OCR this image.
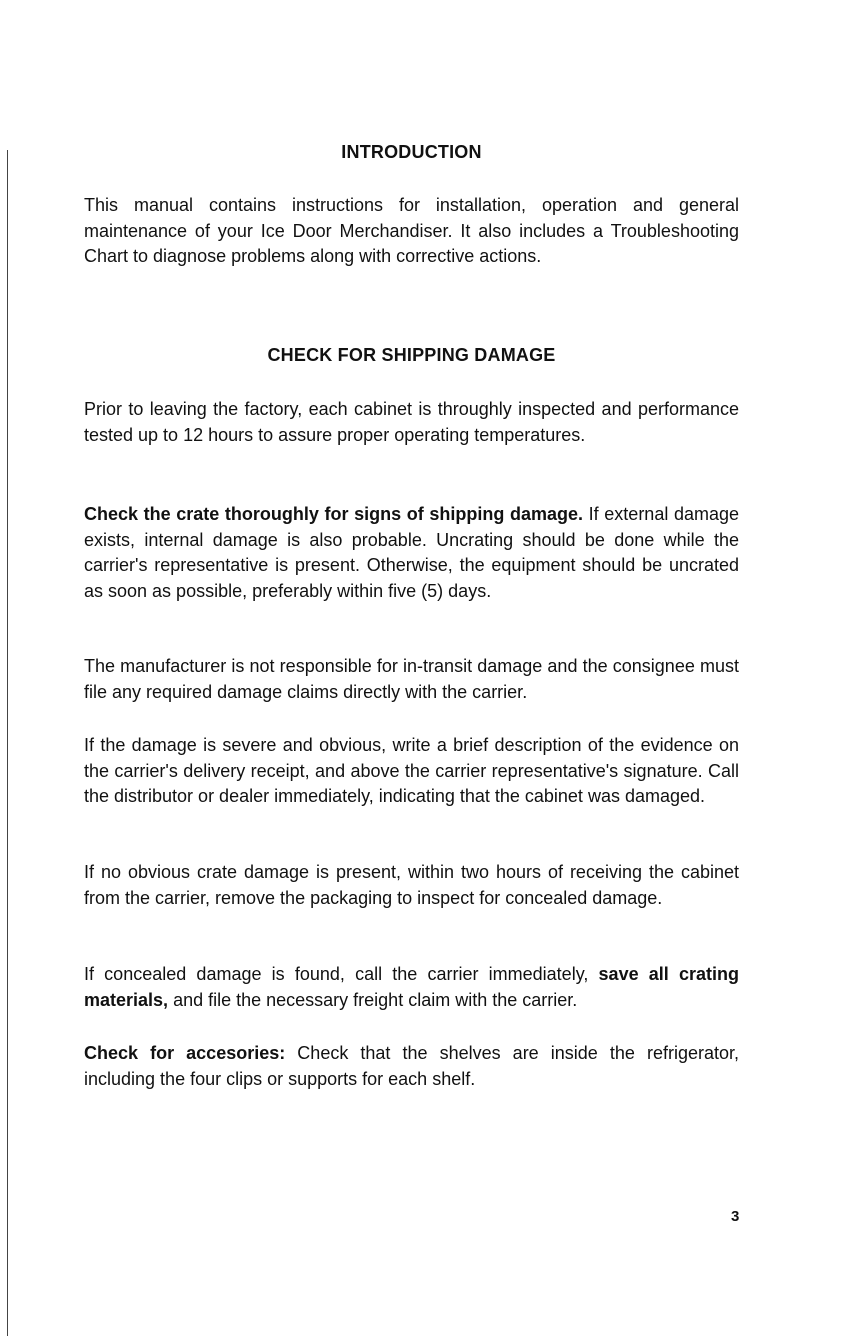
INTRODUCTION

This manual contains instructions for installation, operation and general maintenance of your Ice Door Merchandiser. It also includes a Troubleshooting Chart to diagnose problems along with corrective actions.

CHECK FOR SHIPPING DAMAGE

Prior to leaving the factory, each cabinet is throughly inspected and performance tested up to 12 hours to assure proper operating temperatures.

Check the crate thoroughly for signs of shipping damage. If external damage exists, internal damage is also probable. Uncrating should be done while the carrier's representative is present. Otherwise, the equipment should be uncrated as soon as possible, preferably within five (5) days.

The manufacturer is not responsible for in-transit damage and the consignee must file any required damage claims directly with the carrier.

If the damage is severe and obvious, write a brief description of the evidence on the carrier's delivery receipt, and above the carrier representative's signature. Call the distributor or dealer immediately, indicating that the cabinet was damaged.

If no obvious crate damage is present, within two hours of receiving the cabinet from the carrier, remove the packaging to inspect for concealed damage.

If concealed damage is found, call the carrier immediately, save all crating materials, and file the necessary freight claim with the carrier.

Check for accesories: Check that the shelves are inside the refrigerator, including the four clips or supports for each shelf.

3
